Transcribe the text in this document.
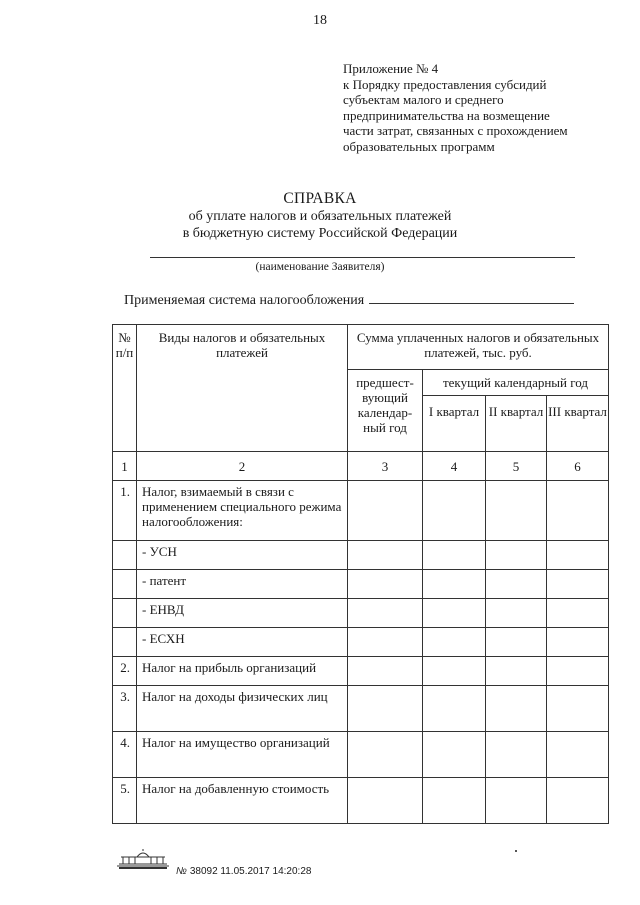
18
Приложение № 4
к Порядку предоставления субсидий
субъектам малого и среднего
предпринимательства на возмещение
части затрат, связанных с прохождением
образовательных программ
СПРАВКА
об уплате налогов и обязательных платежей
в бюджетную систему Российской Федерации
(наименование Заявителя)
Применяемая система налогообложения
№ п/п	Виды налогов и обязательных платежей	Сумма уплаченных налогов и обязательных платежей, тыс. руб.			
		предшест-вующий календар-ный год	текущий календарный год		
			I квартал	II квартал	III квартал
1	2	3	4	5	6
1.	Налог, взимаемый в связи с применением специального режима налогообложения:				
	- УСН				
	- патент				
	- ЕНВД				
	- ЕСХН				
2.	Налог на прибыль организаций				
3.	Налог на доходы физических лиц				
4.	Налог на имущество организаций				
5.	Налог на добавленную стоимость				
№ 38092 11.05.2017 14:20:28
